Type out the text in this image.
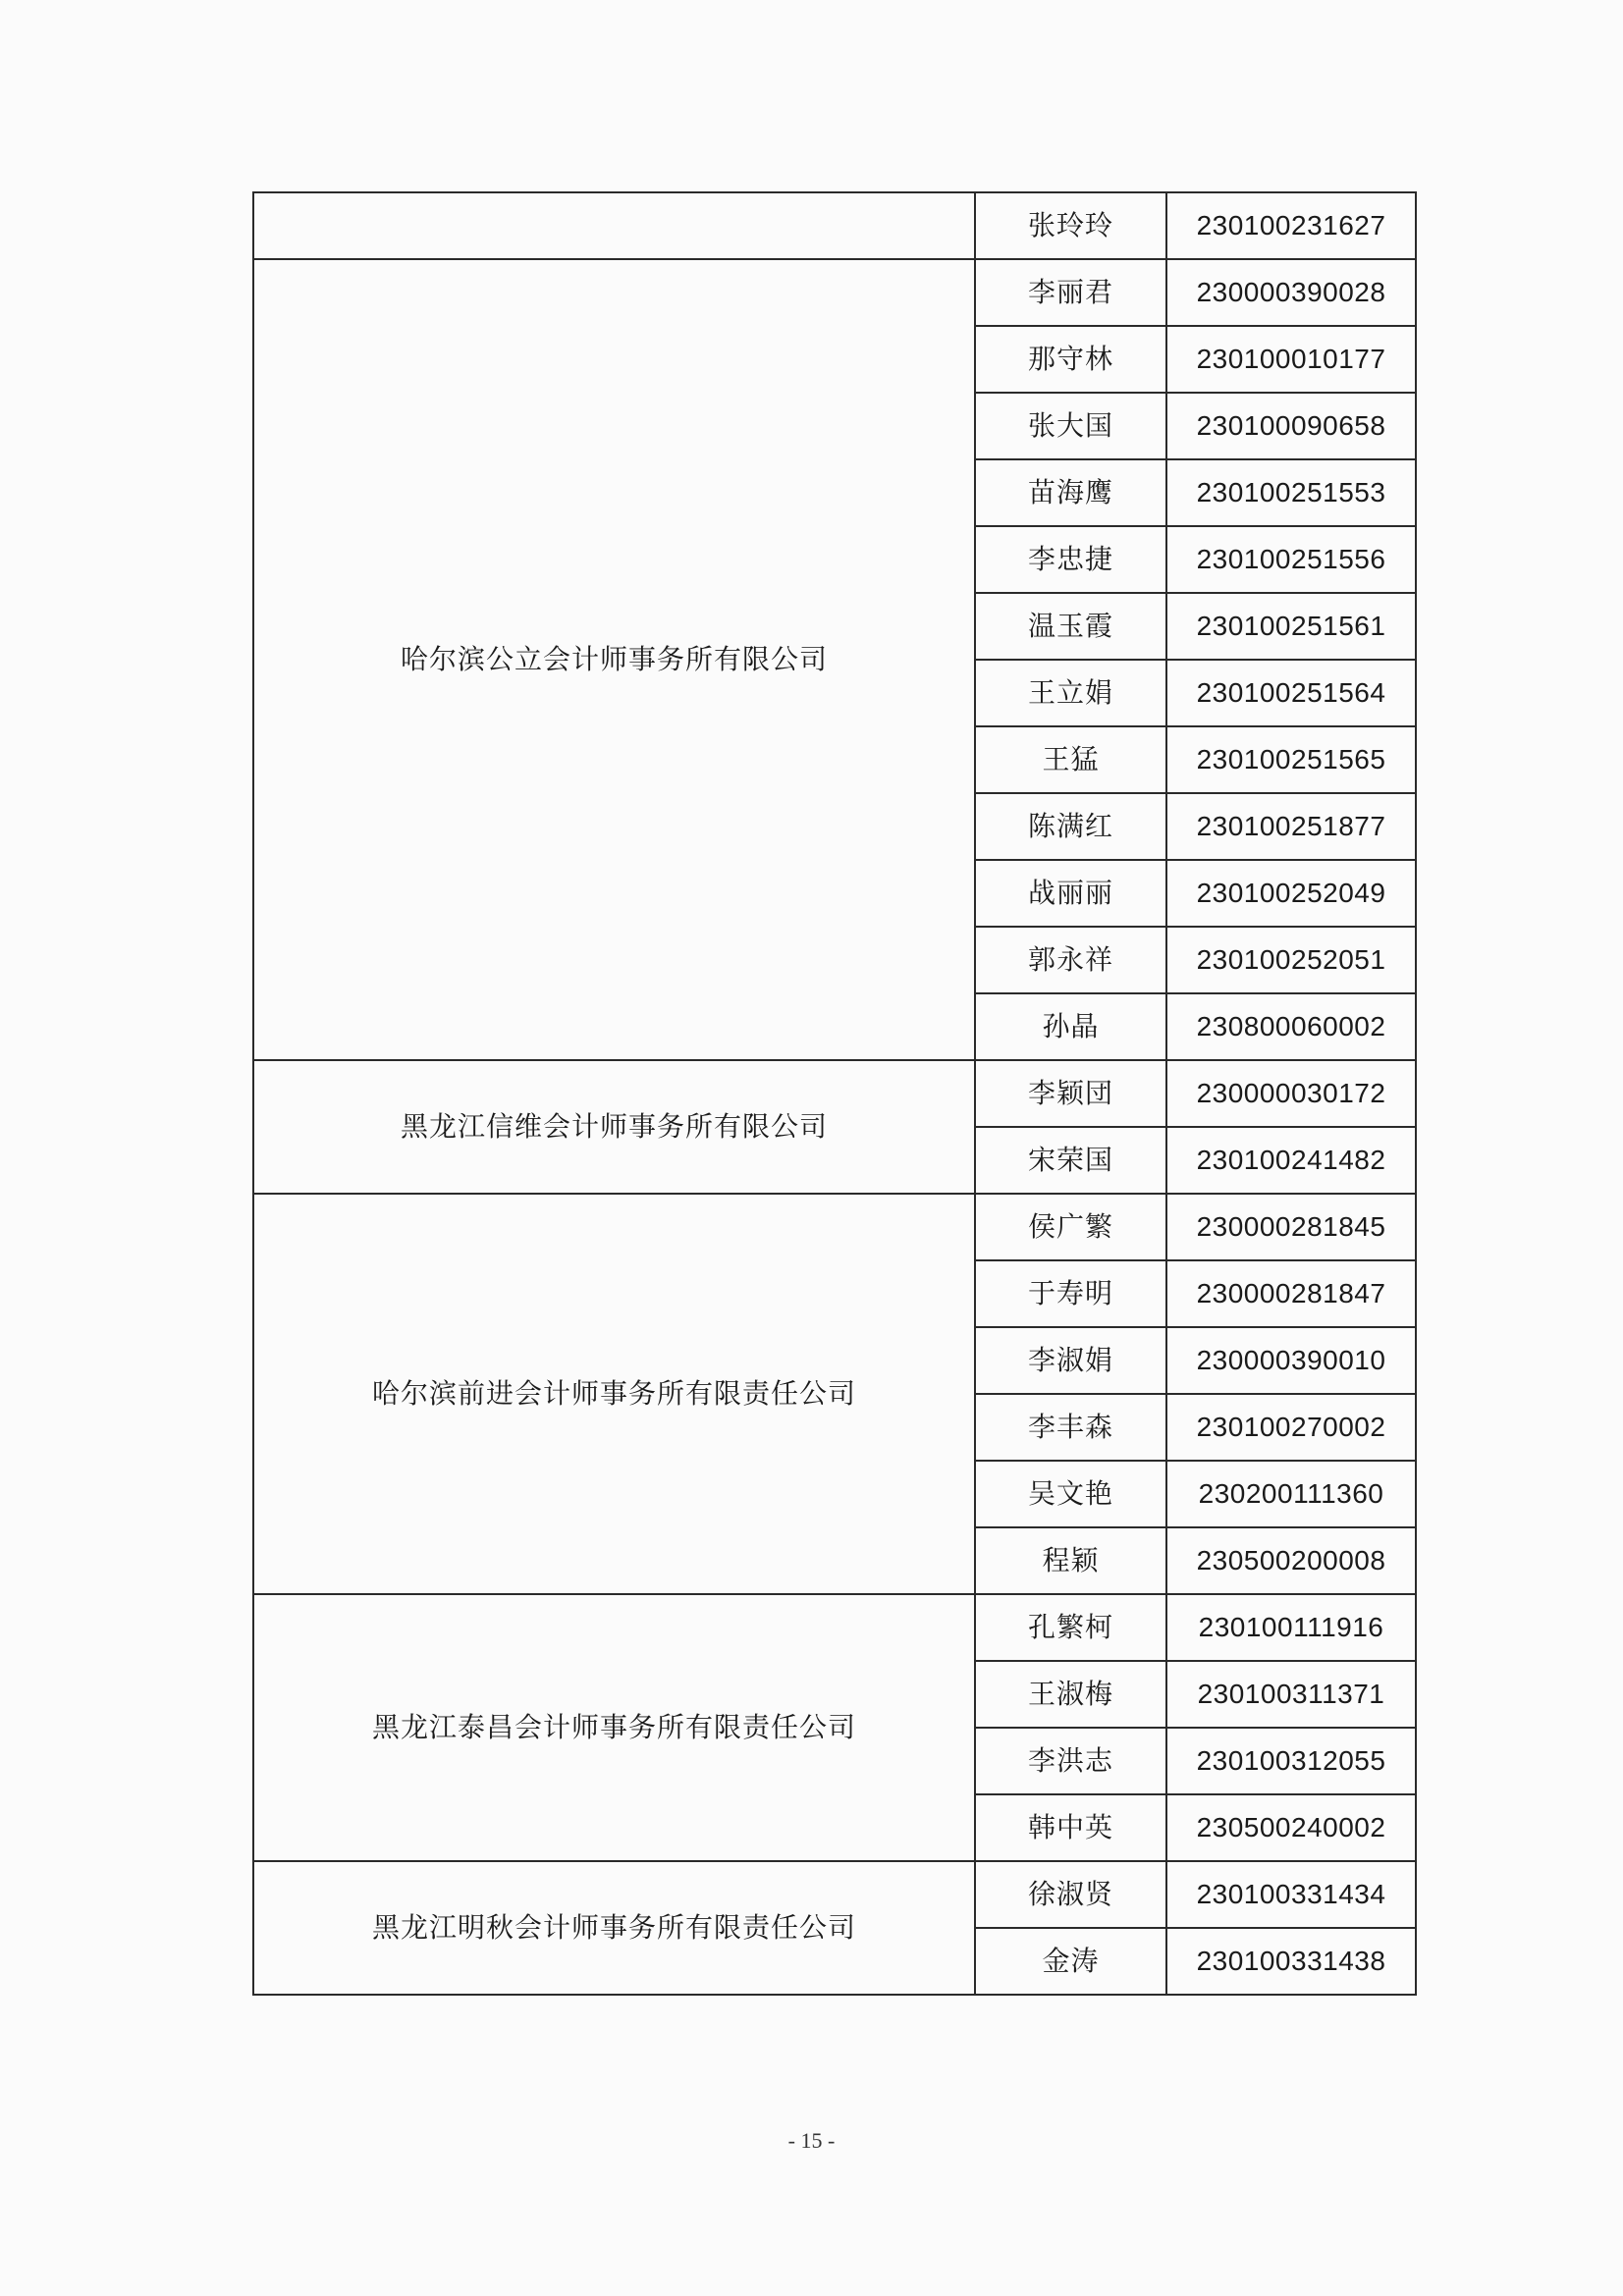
	张玲玲	230100231627
哈尔滨公立会计师事务所有限公司	李丽君	230000390028
	那守林	230100010177
	张大国	230100090658
	苗海鹰	230100251553
	李忠捷	230100251556
	温玉霞	230100251561
	王立娟	230100251564
	王猛	230100251565
	陈满红	230100251877
	战丽丽	230100252049
	郭永祥	230100252051
	孙晶	230800060002
黑龙江信维会计师事务所有限公司	李颖団	230000030172
	宋荣国	230100241482
哈尔滨前进会计师事务所有限责任公司	侯广繁	230000281845
	于寿明	230000281847
	李淑娟	230000390010
	李丰森	230100270002
	吴文艳	230200111360
	程颖	230500200008
黑龙江泰昌会计师事务所有限责任公司	孔繁柯	230100111916
	王淑梅	230100311371
	李洪志	230100312055
	韩中英	230500240002
黑龙江明秋会计师事务所有限责任公司	徐淑贤	230100331434
	金涛	230100331438
- 15 -
